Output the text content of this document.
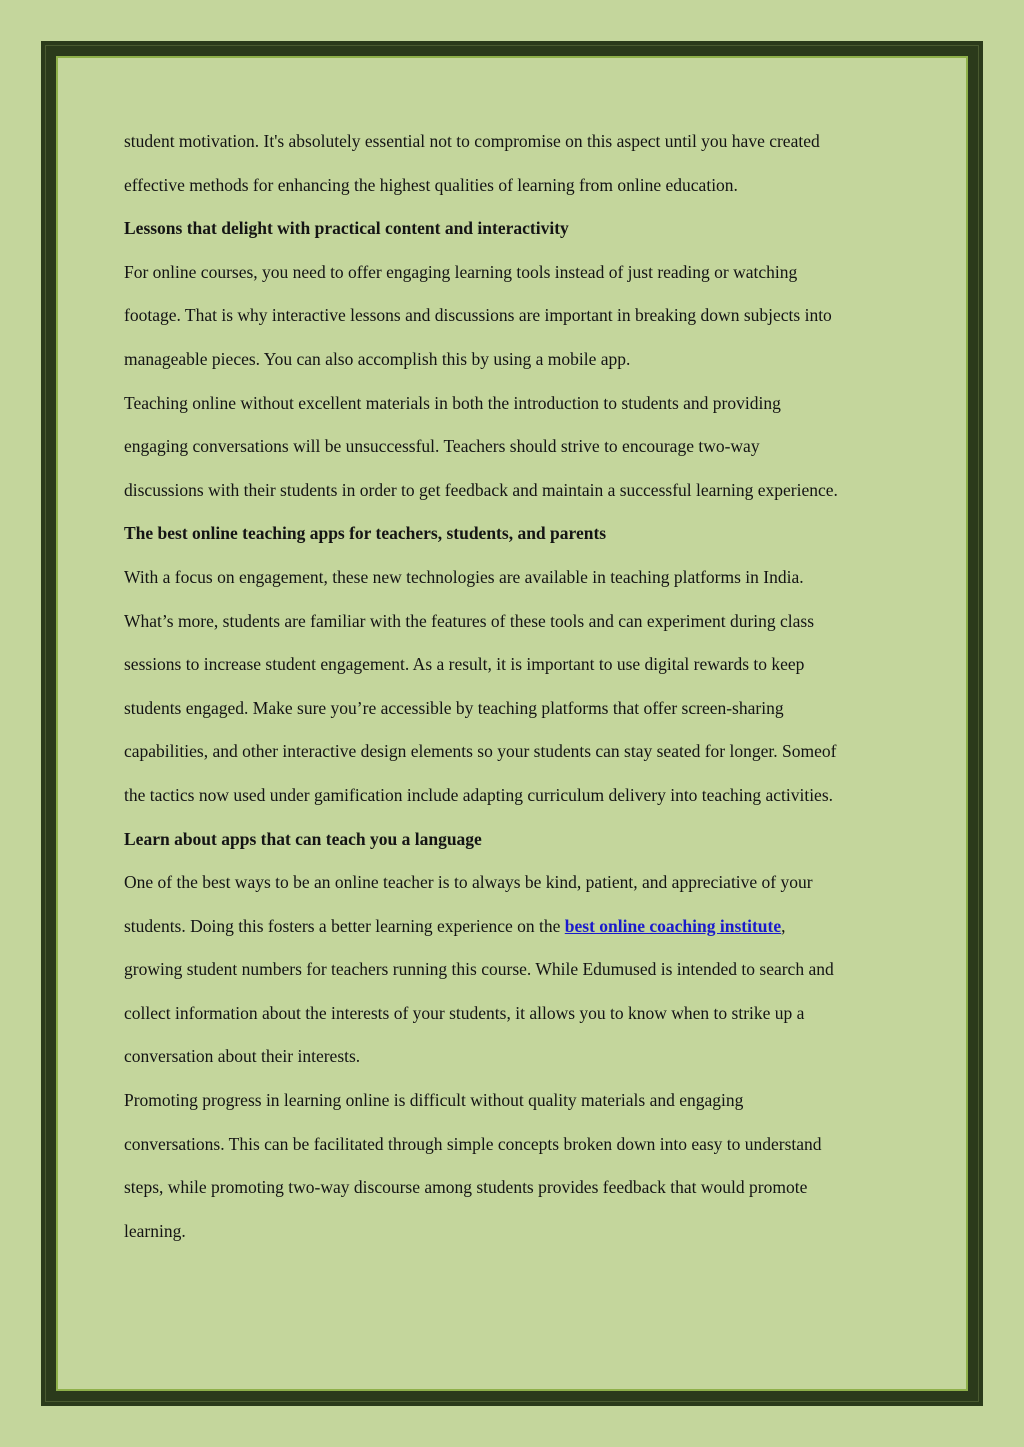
student motivation. It's absolutely essential not to compromise on this aspect until you have created
effective methods for enhancing the highest qualities of learning from online education.

Lessons that delight with practical content and interactivity

For online courses, you need to offer engaging learning tools instead of just reading or watching
footage. That is why interactive lessons and discussions are important in breaking down subjects into
manageable pieces. You can also accomplish this by using a mobile app.

Teaching online without excellent materials in both the introduction to students and providing
engaging conversations will be unsuccessful. Teachers should strive to encourage two-way
discussions with their students in order to get feedback and maintain a successful learning experience.

The best online teaching apps for teachers, students, and parents

With a focus on engagement, these new technologies are available in teaching platforms in India.
What’s more, students are familiar with the features of these tools and can experiment during class
sessions to increase student engagement. As a result, it is important to use digital rewards to keep
students engaged. Make sure you’re accessible by teaching platforms that offer screen-sharing
capabilities, and other interactive design elements so your students can stay seated for longer. Someof
the tactics now used under gamification include adapting curriculum delivery into teaching activities.

Learn about apps that can teach you a language

One of the best ways to be an online teacher is to always be kind, patient, and appreciative of your
students. Doing this fosters a better learning experience on the best online coaching institute,
growing student numbers for teachers running this course. While Edumused is intended to search and
collect information about the interests of your students, it allows you to know when to strike up a
conversation about their interests.

Promoting progress in learning online is difficult without quality materials and engaging
conversations. This can be facilitated through simple concepts broken down into easy to understand
steps, while promoting two-way discourse among students provides feedback that would promote
learning.
